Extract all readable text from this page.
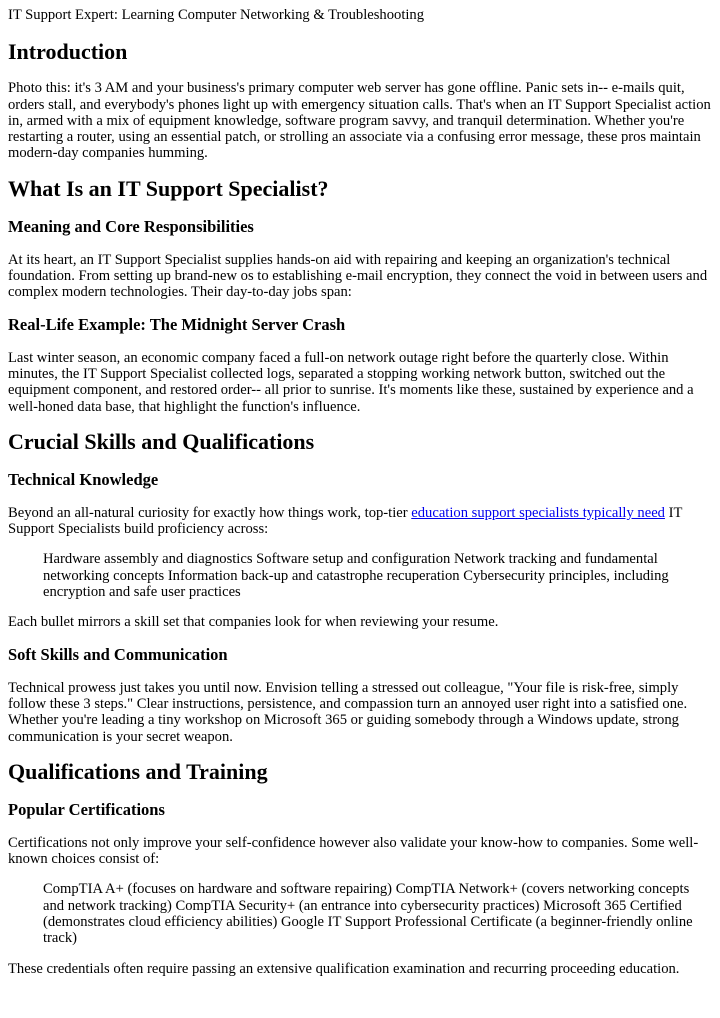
IT Support Expert: Learning Computer Networking & Troubleshooting
Introduction

Photo this: it's 3 AM and your business's primary computer web server has gone offline. Panic sets in-- e-mails quit, orders stall, and everybody's phones light up with emergency situation calls. That's when an IT Support Specialist action in, armed with a mix of equipment knowledge, software program savvy, and tranquil determination. Whether you're restarting a router, using an essential patch, or strolling an associate via a confusing error message, these pros maintain modern-day companies humming.

What Is an IT Support Specialist?
Meaning and Core Responsibilities

At its heart, an IT Support Specialist supplies hands-on aid with repairing and keeping an organization's technical foundation. From setting up brand-new os to establishing e-mail encryption, they connect the void in between users and complex modern technologies. Their day-to-day jobs span:

Real-Life Example: The Midnight Server Crash

Last winter season, an economic company faced a full-on network outage right before the quarterly close. Within minutes, the IT Support Specialist collected logs, separated a stopping working network button, switched out the equipment component, and restored order-- all prior to sunrise. It's moments like these, sustained by experience and a well-honed data base, that highlight the function's influence.

Crucial Skills and Qualifications
Technical Knowledge

Beyond an all-natural curiosity for exactly how things work, top-tier education support specialists typically need IT Support Specialists build proficiency across:

Hardware assembly and diagnostics Software setup and configuration Network tracking and fundamental networking concepts Information back-up and catastrophe recuperation Cybersecurity principles, including encryption and safe user practices

Each bullet mirrors a skill set that companies look for when reviewing your resume.

Soft Skills and Communication

Technical prowess just takes you until now. Envision telling a stressed out colleague, "Your file is risk-free, simply follow these 3 steps." Clear instructions, persistence, and compassion turn an annoyed user right into a satisfied one. Whether you're leading a tiny workshop on Microsoft 365 or guiding somebody through a Windows update, strong communication is your secret weapon.

Qualifications and Training
Popular Certifications

Certifications not only improve your self-confidence however also validate your know-how to companies. Some well-known choices consist of:

CompTIA A+ (focuses on hardware and software repairing) CompTIA Network+ (covers networking concepts and network tracking) CompTIA Security+ (an entrance into cybersecurity practices) Microsoft 365 Certified (demonstrates cloud efficiency abilities) Google IT Support Professional Certificate (a beginner-friendly online track)

These credentials often require passing an extensive qualification examination and recurring proceeding education.
